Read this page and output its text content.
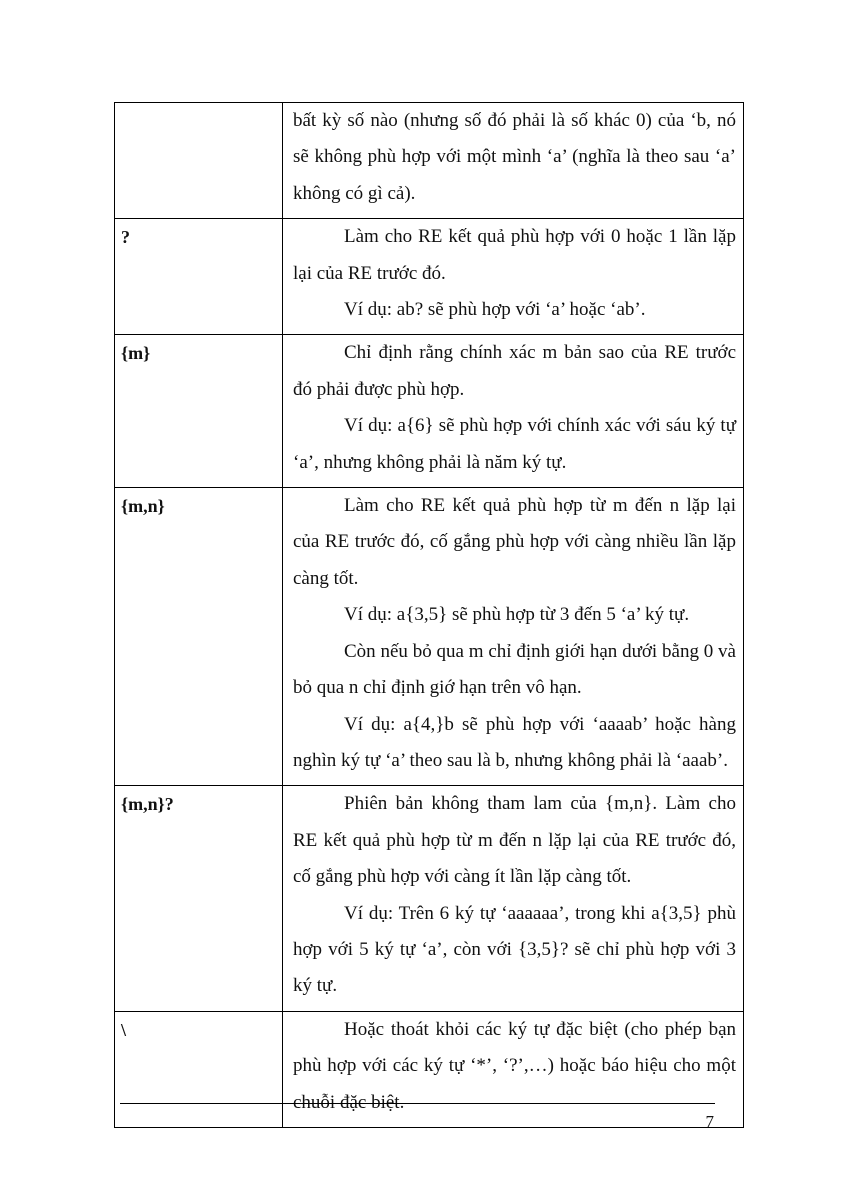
	bất kỳ số nào (nhưng số đó phải là số khác 0) của ‘b, nó sẽ không phù hợp với một mình ‘a’ (nghĩa là theo sau ‘a’ không có gì cả).

?	Làm cho RE kết quả phù hợp với 0 hoặc 1 lần lặp lại của RE trước đó.

Ví dụ: ab? sẽ phù hợp với ‘a’ hoặc ‘ab’.

{m}	Chỉ định rằng chính xác m bản sao của RE trước đó phải được phù hợp.

Ví dụ: a{6} sẽ phù hợp với chính xác với sáu ký tự ‘a’, nhưng không phải là năm ký tự.

{m,n}	Làm cho RE kết quả phù hợp từ m đến n lặp lại của RE trước đó, cố gắng phù hợp với càng nhiều lần lặp càng tốt.

Ví dụ: a{3,5} sẽ phù hợp từ 3 đến 5 ‘a’ ký tự.

Còn nếu bỏ qua m chỉ định giới hạn dưới bằng 0 và bỏ qua n chỉ định giớ hạn trên vô hạn.

Ví dụ: a{4,}b sẽ phù hợp với ‘aaaab’ hoặc hàng nghìn ký tự ‘a’ theo sau là b, nhưng không phải là ‘aaab’.

{m,n}?	Phiên bản không tham lam của {m,n}. Làm cho RE kết quả phù hợp từ m đến n lặp lại của RE trước đó, cố gắng phù hợp với càng ít lần lặp càng tốt.

Ví dụ: Trên 6 ký tự ‘aaaaaa’, trong khi a{3,5} phù hợp với 5 ký tự ‘a’, còn với {3,5}? sẽ chỉ phù hợp với 3 ký tự.

\	Hoặc thoát khỏi các ký tự đặc biệt (cho phép bạn phù hợp với các ký tự ‘*’, ‘?’,…) hoặc báo hiệu cho một chuỗi đặc biệt.

7
